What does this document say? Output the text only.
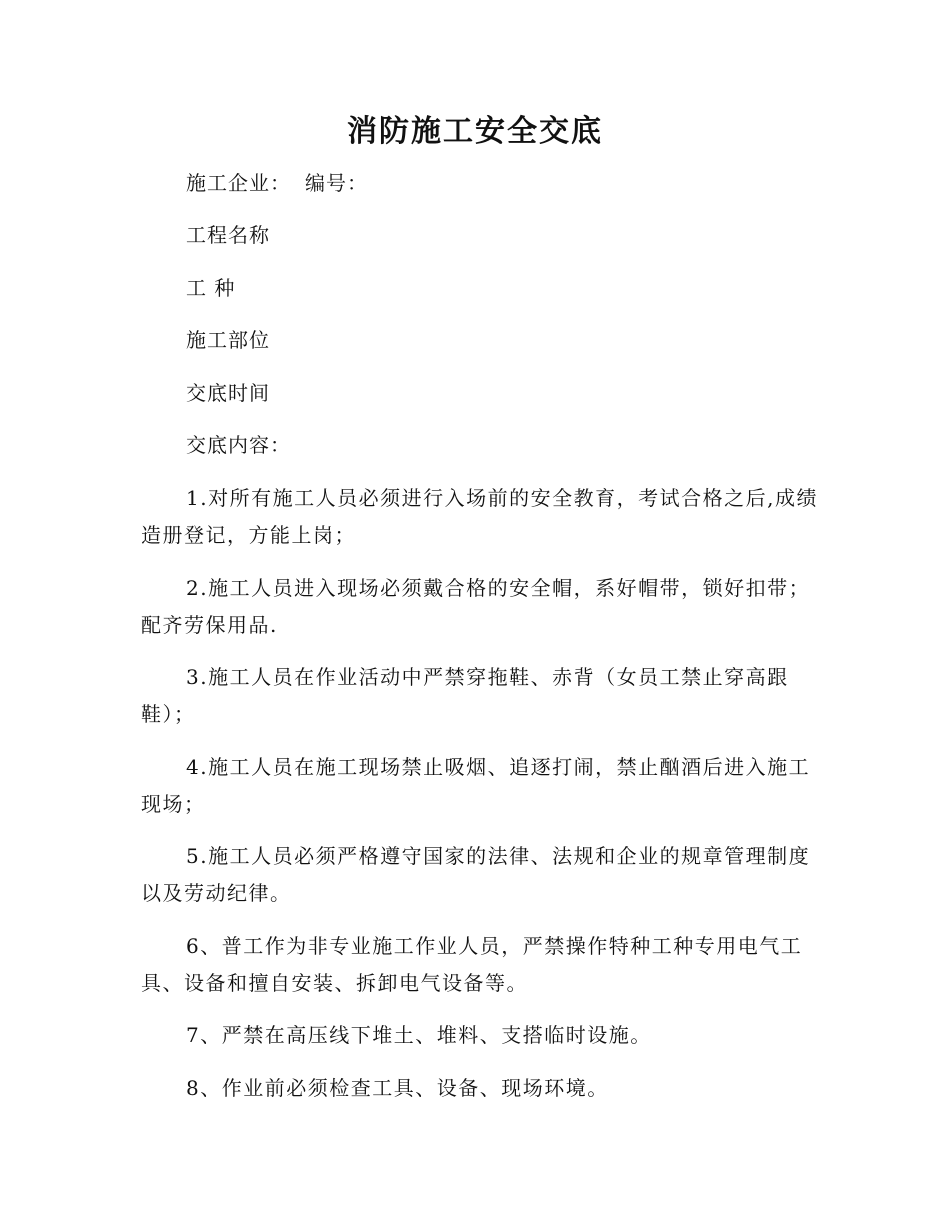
消防施工安全交底
施工企业： 编号：
工程名称
工 种
施工部位
交底时间
交底内容：
1.对所有施工人员必须进行入场前的安全教育，考试合格之后,成绩造册登记，方能上岗；
2.施工人员进入现场必须戴合格的安全帽，系好帽带，锁好扣带；配齐劳保用品.
3.施工人员在作业活动中严禁穿拖鞋、赤背（女员工禁止穿高跟鞋）；
4.施工人员在施工现场禁止吸烟、追逐打闹，禁止酗酒后进入施工现场；
5.施工人员必须严格遵守国家的法律、法规和企业的规章管理制度以及劳动纪律。
6、普工作为非专业施工作业人员，严禁操作特种工种专用电气工具、设备和擅自安装、拆卸电气设备等。
7、严禁在高压线下堆土、堆料、支搭临时设施。
8、作业前必须检查工具、设备、现场环境。
